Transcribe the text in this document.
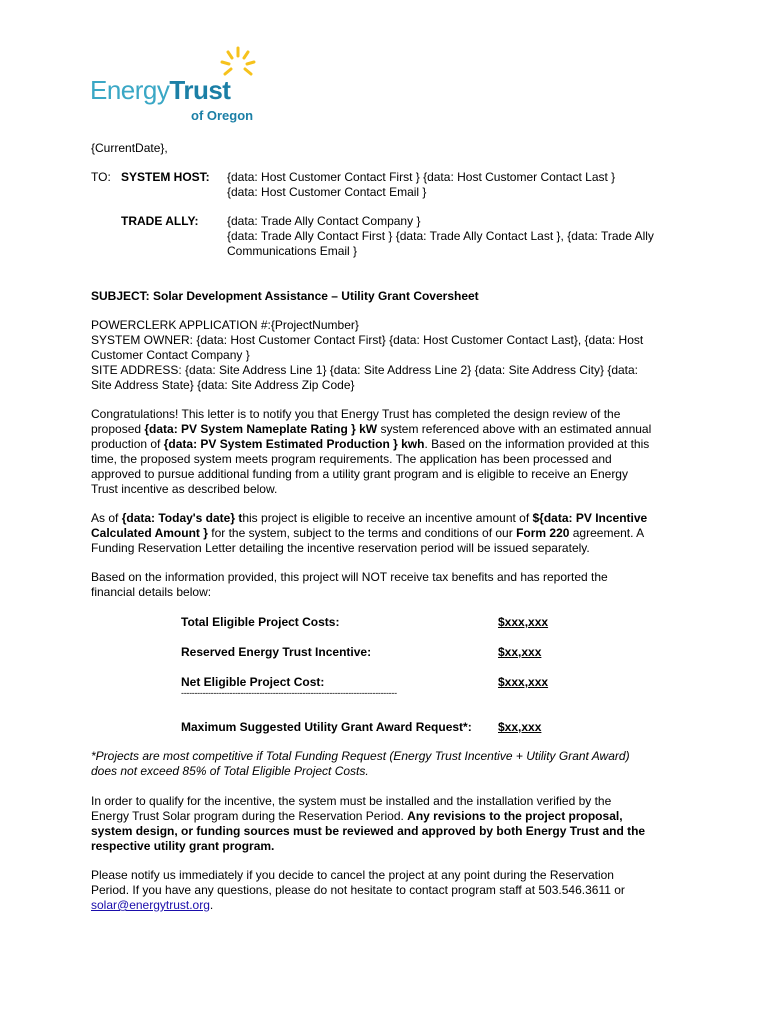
EnergyTrust
of Oregon
{CurrentDate},
TO: SYSTEM HOST: {data: Host Customer Contact First } {data: Host Customer Contact Last }
{data: Host Customer Contact Email }
TRADE ALLY: {data: Trade Ally Contact Company }
{data: Trade Ally Contact First } {data: Trade Ally Contact Last }, {data: Trade Ally
Communications Email }
SUBJECT: Solar Development Assistance – Utility Grant Coversheet
POWERCLERK APPLICATION #:{ProjectNumber}
SYSTEM OWNER: {data: Host Customer Contact First} {data: Host Customer Contact Last}, {data: Host
Customer Contact Company }
SITE ADDRESS: {data: Site Address Line 1} {data: Site Address Line 2} {data: Site Address City} {data:
Site Address State} {data: Site Address Zip Code}
Congratulations! This letter is to notify you that Energy Trust has completed the design review of the
proposed {data: PV System Nameplate Rating } kW system referenced above with an estimated annual
production of {data: PV System Estimated Production } kwh. Based on the information provided at this
time, the proposed system meets program requirements. The application has been processed and
approved to pursue additional funding from a utility grant program and is eligible to receive an Energy
Trust incentive as described below.
As of {data: Today's date} this project is eligible to receive an incentive amount of ${data: PV Incentive
Calculated Amount } for the system, subject to the terms and conditions of our Form 220 agreement. A
Funding Reservation Letter detailing the incentive reservation period will be issued separately.
Based on the information provided, this project will NOT receive tax benefits and has reported the
financial details below:
Total Eligible Project Costs:	$xxx,xxx
Reserved Energy Trust Incentive:	$xx,xxx
Net Eligible Project Cost:	$xxx,xxx
--------------------------------------------------------------------------------
Maximum Suggested Utility Grant Award Request*: $xx,xxx
*Projects are most competitive if Total Funding Request (Energy Trust Incentive + Utility Grant Award)
does not exceed 85% of Total Eligible Project Costs.
In order to qualify for the incentive, the system must be installed and the installation verified by the
Energy Trust Solar program during the Reservation Period. Any revisions to the project proposal,
system design, or funding sources must be reviewed and approved by both Energy Trust and the
respective utility grant program.
Please notify us immediately if you decide to cancel the project at any point during the Reservation
Period. If you have any questions, please do not hesitate to contact program staff at 503.546.3611 or
solar@energytrust.org.
